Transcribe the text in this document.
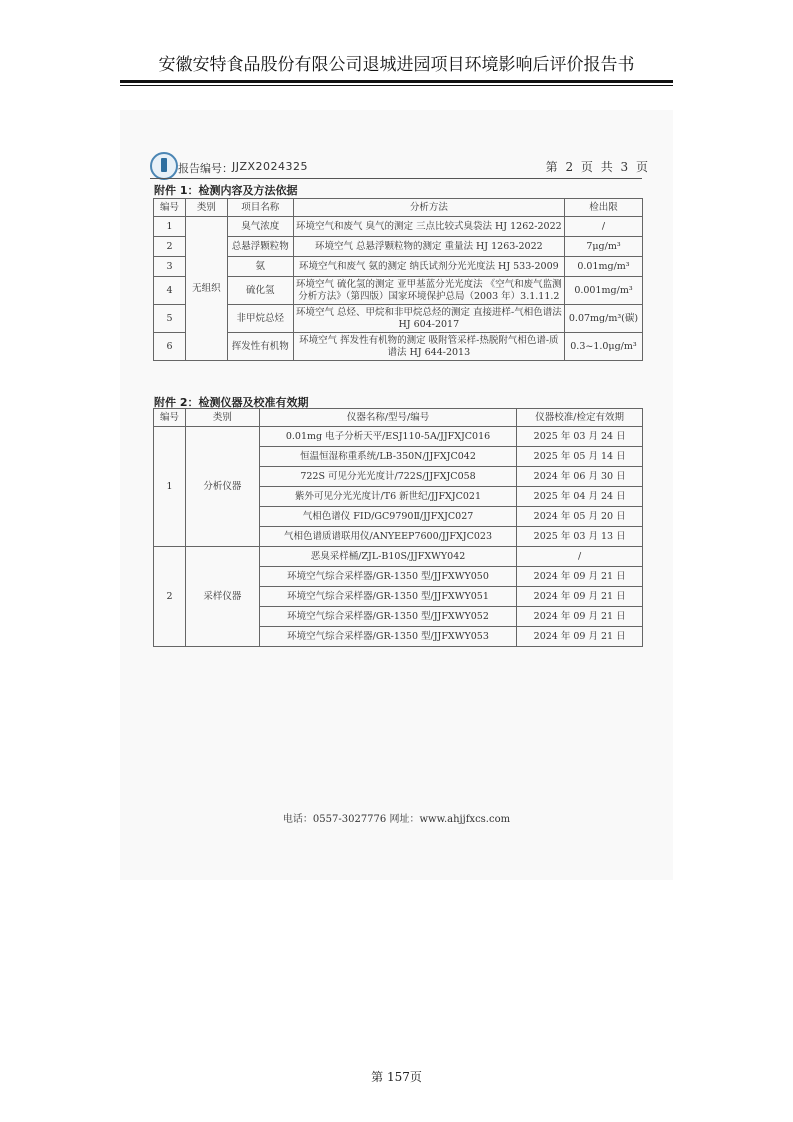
安徽安特食品股份有限公司退城进园项目环境影响后评价报告书
报告编号： JJZX2024325	第 2 页 共 3 页
附件 1：检测内容及方法依据
编号	类别	项目名称	分析方法	检出限
1	无组织	臭气浓度	环境空气和废气 臭气的测定 三点比较式臭袋法 HJ 1262-2022	/
2		总悬浮颗粒物	环境空气 总悬浮颗粒物的测定 重量法 HJ 1263-2022	7μg/m³
3		氨	环境空气和废气 氨的测定 纳氏试剂分光光度法 HJ 533-2009	0.01mg/m³
4		硫化氢	环境空气 硫化氢的测定 亚甲基蓝分光光度法 《空气和废气监测分析方法》（第四版）国家环境保护总局（2003 年）3.1.11.2	0.001mg/m³
5		非甲烷总烃	环境空气 总烃、甲烷和非甲烷总烃的测定 直接进样-气相色谱法 HJ 604-2017	0.07mg/m³(碳)
6		挥发性有机物	环境空气 挥发性有机物的测定 吸附管采样-热脱附气相色谱-质谱法 HJ 644-2013	0.3~1.0μg/m³
附件 2：检测仪器及校准有效期
编号	类别	仪器名称/型号/编号	仪器校准/检定有效期
1	分析仪器	0.01mg 电子分析天平/ESJ110-5A/JJFXJC016	2025 年 03 月 24 日
		恒温恒湿称重系统/LB-350N/JJFXJC042	2025 年 05 月 14 日
		722S 可见分光光度计/722S/JJFXJC058	2024 年 06 月 30 日
		紫外可见分光光度计/T6 新世纪/JJFXJC021	2025 年 04 月 24 日
		气相色谱仪 FID/GC9790Ⅱ/JJFXJC027	2024 年 05 月 20 日
		气相色谱质谱联用仪/ANYEEP7600/JJFXJC023	2025 年 03 月 13 日
2	采样仪器	恶臭采样桶/ZJL-B10S/JJFXWY042	/
		环境空气综合采样器/GR-1350 型/JJFXWY050	2024 年 09 月 21 日
		环境空气综合采样器/GR-1350 型/JJFXWY051	2024 年 09 月 21 日
		环境空气综合采样器/GR-1350 型/JJFXWY052	2024 年 09 月 21 日
		环境空气综合采样器/GR-1350 型/JJFXWY053	2024 年 09 月 21 日
电话：0557-3027776 网址：www.ahjjfxcs.com
第 157页
